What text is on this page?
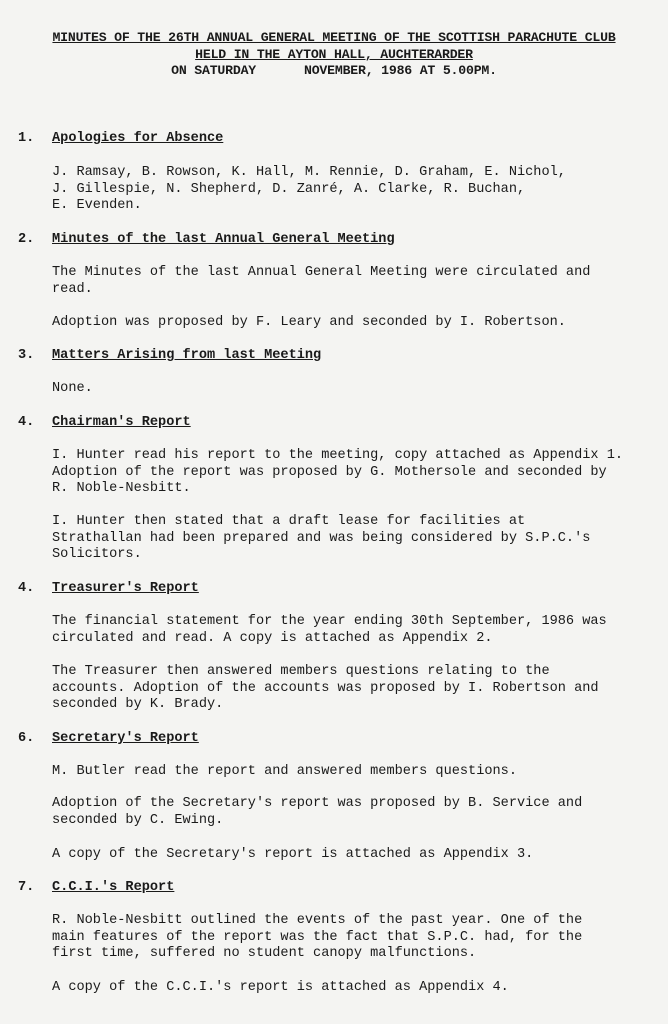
MINUTES OF THE 26TH ANNUAL GENERAL MEETING OF THE SCOTTISH PARACHUTE CLUB
HELD IN THE AYTON HALL, AUCHTERARDER
ON SATURDAY	NOVEMBER, 1986 AT 5.00PM.
1. Apologies for Absence
J. Ramsay, B. Rowson, K. Hall, M. Rennie, D. Graham, E. Nichol,
J. Gillespie, N. Shepherd, D. Zanré, A. Clarke, R. Buchan,
E. Evenden.
2. Minutes of the last Annual General Meeting
The Minutes of the last Annual General Meeting were circulated and
read.
Adoption was proposed by F. Leary and seconded by I. Robertson.
3. Matters Arising from last Meeting
None.
4. Chairman's Report
I. Hunter read his report to the meeting, copy attached as Appendix 1.
Adoption of the report was proposed by G. Mothersole and seconded by
R. Noble-Nesbitt.
I. Hunter then stated that a draft lease for facilities at
Strathallan had been prepared and was being considered by S.P.C.'s
Solicitors.
4. Treasurer's Report
The financial statement for the year ending 30th September, 1986 was
circulated and read. A copy is attached as Appendix 2.
The Treasurer then answered members questions relating to the
accounts. Adoption of the accounts was proposed by I. Robertson and
seconded by K. Brady.
6. Secretary's Report
M. Butler read the report and answered members questions.
Adoption of the Secretary's report was proposed by B. Service and
seconded by C. Ewing.
A copy of the Secretary's report is attached as Appendix 3.
7. C.C.I.'s Report
R. Noble-Nesbitt outlined the events of the past year. One of the
main features of the report was the fact that S.P.C. had, for the
first time, suffered no student canopy malfunctions.
A copy of the C.C.I.'s report is attached as Appendix 4.
